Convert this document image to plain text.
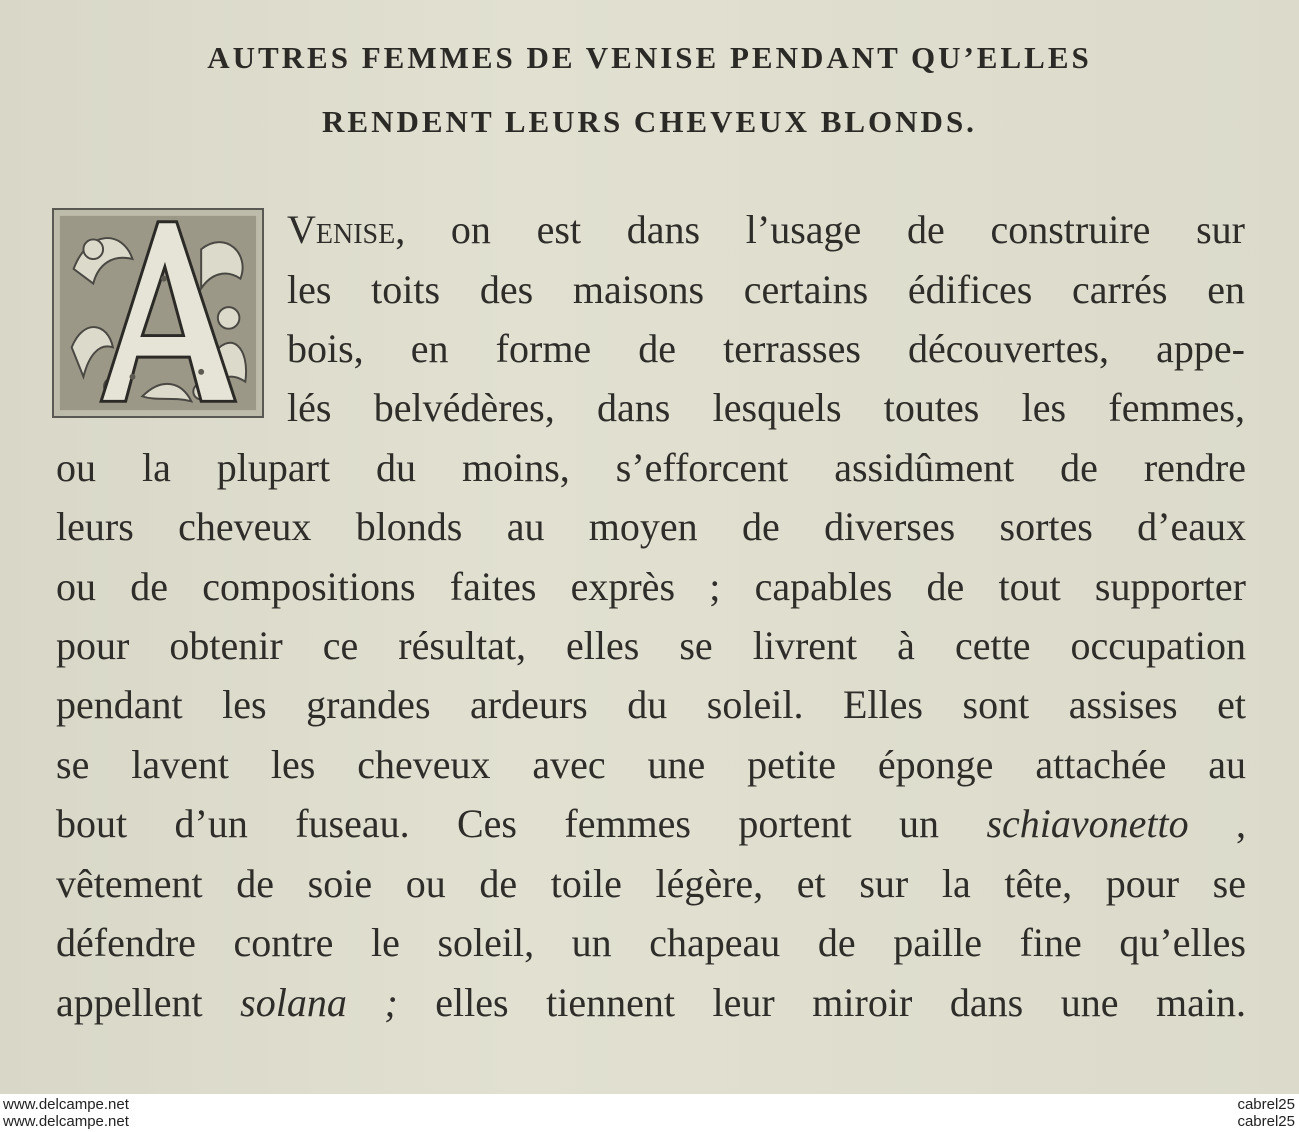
AUTRES FEMMES DE VENISE PENDANT QU’ELLES
RENDENT LEURS CHEVEUX BLONDS.
Venise, on est dans l’usage de construire sur
les toits des maisons certains édifices carrés en
bois, en forme de terrasses découvertes, appe-
lés belvédères, dans lesquels toutes les femmes,
ou la plupart du moins, s’efforcent assidûment de rendre
leurs cheveux blonds au moyen de diverses sortes d’eaux
ou de compositions faites exprès ; capables de tout supporter
pour obtenir ce résultat, elles se livrent à cette occupation
pendant les grandes ardeurs du soleil. Elles sont assises et
se lavent les cheveux avec une petite éponge attachée au
bout d’un fuseau. Ces femmes portent un schiavonetto ,
vêtement de soie ou de toile légère, et sur la tête, pour se
défendre contre le soleil, un chapeau de paille fine qu’elles
appellent solana ; elles tiennent leur miroir dans une main.
www.delcampe.net
www.delcampe.net
cabrel25
cabrel25
